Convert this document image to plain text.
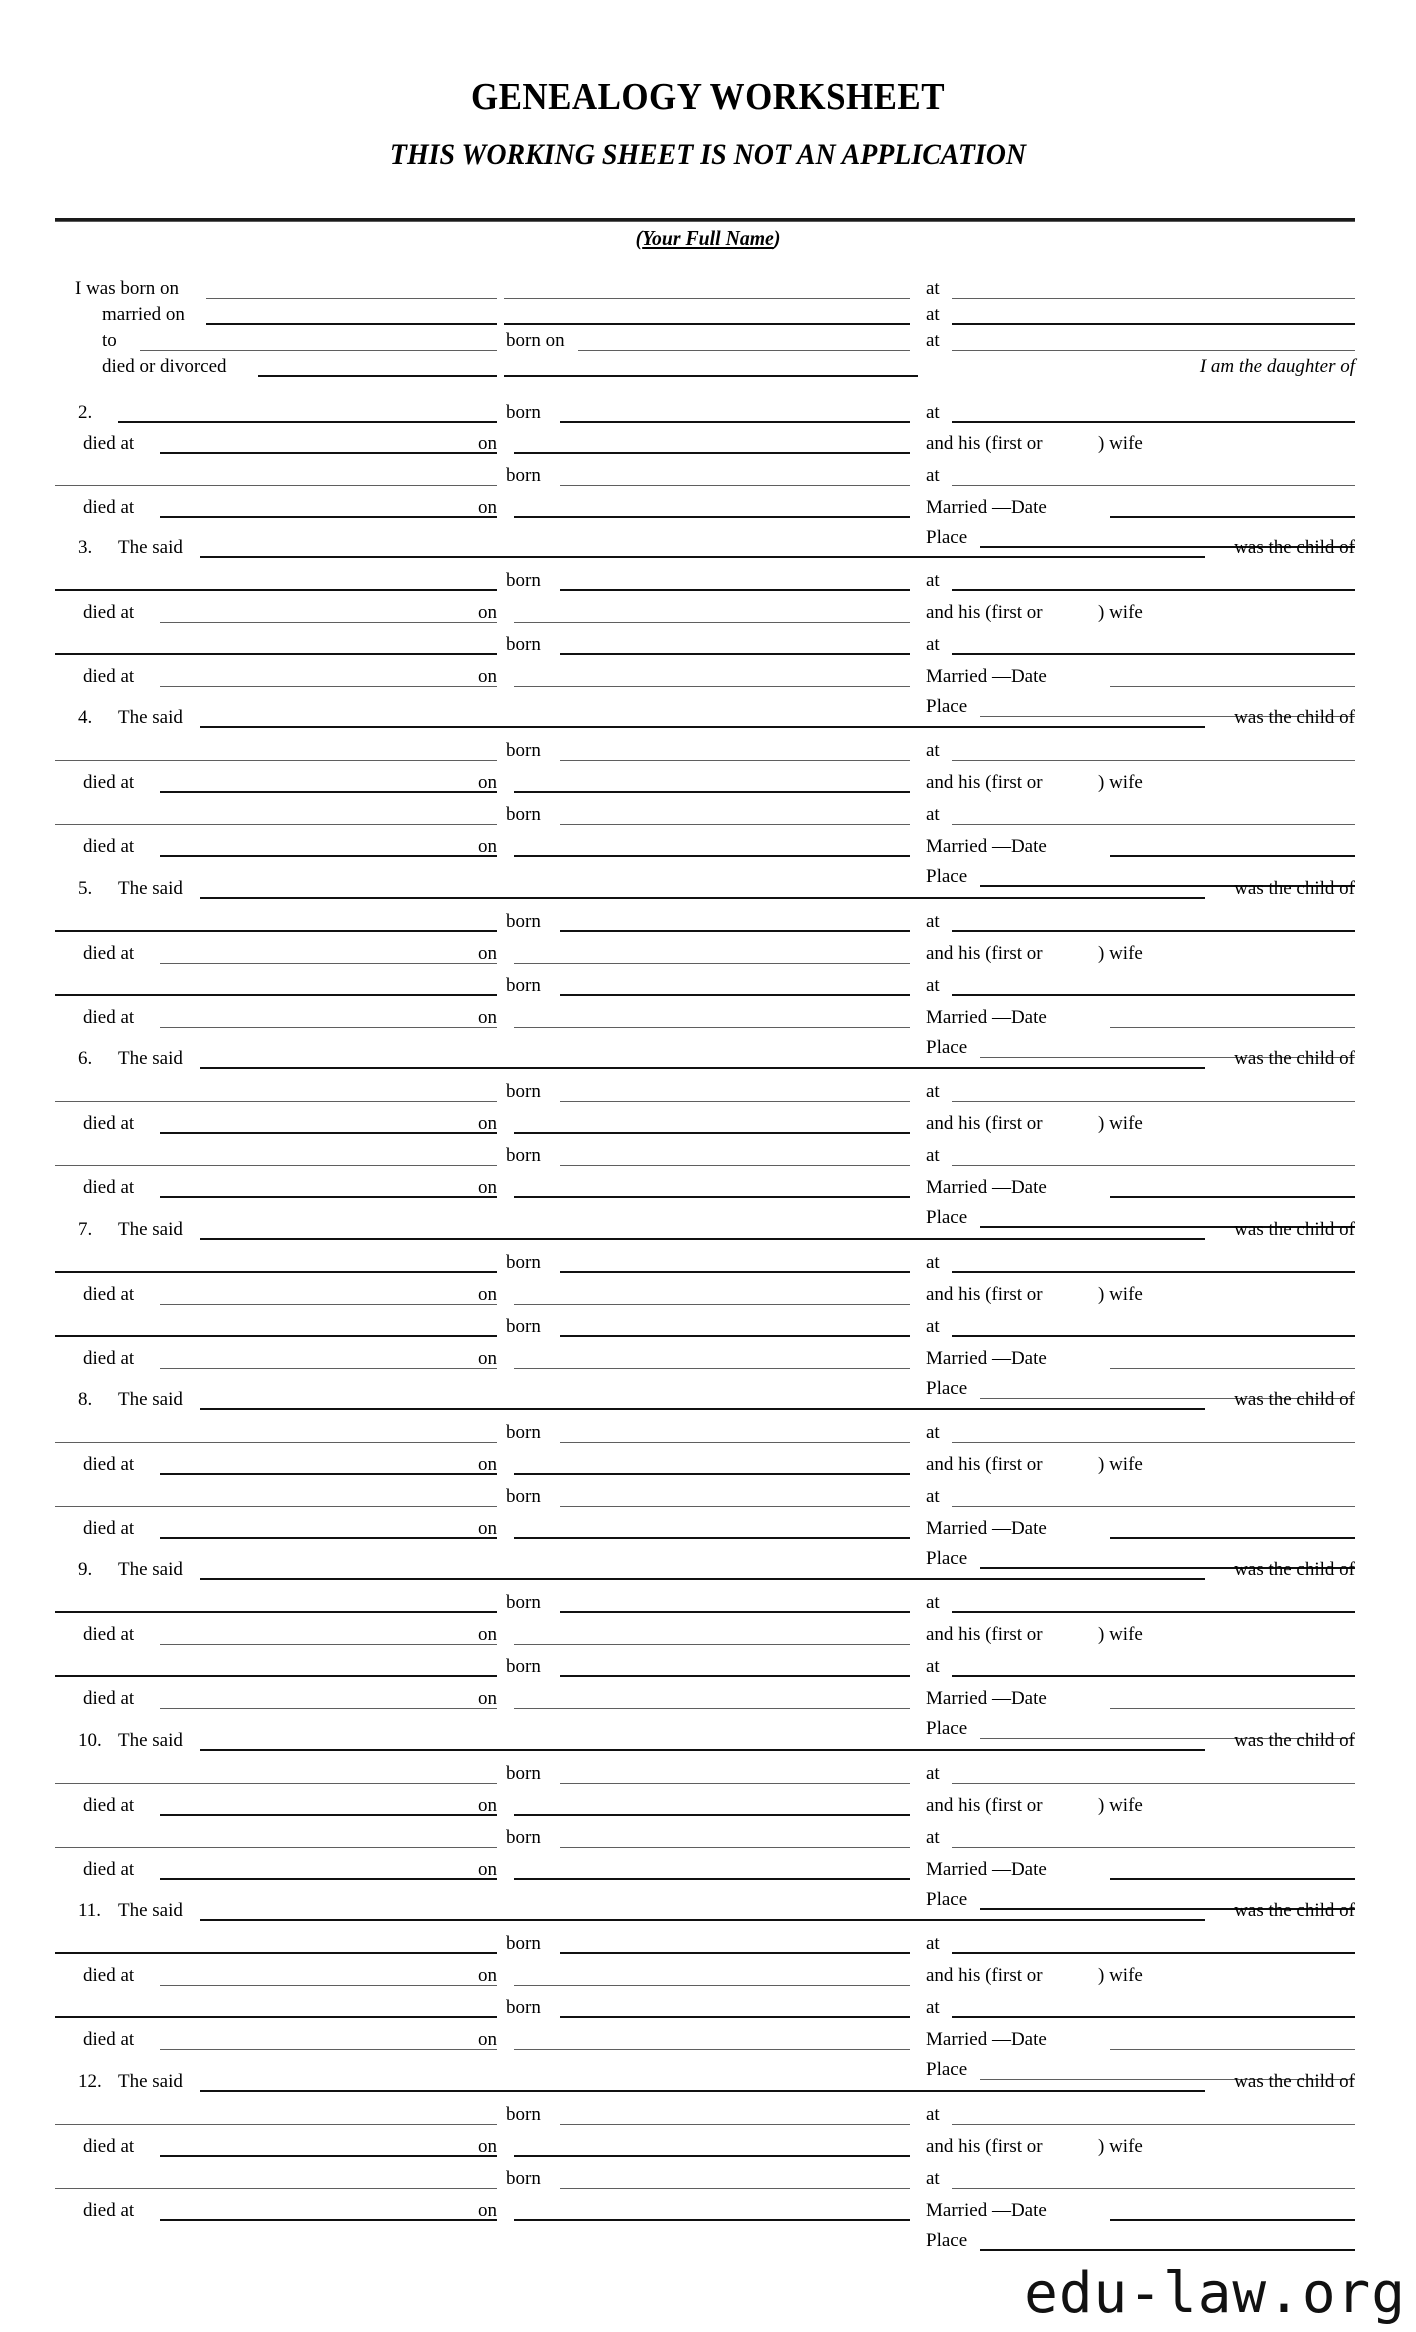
GENEALOGY WORKSHEET
THIS WORKING SHEET IS NOT AN APPLICATION
(Your Full Name)
I was born on	at
married on	at
to	born on	at
died or divorced	I am the daughter of
2.	born	at
died at	on	and his (first or	) wife
born	at
died at	on	Married —Date
Place
3. The said	was the child of
born	at
died at	on	and his (first or	) wife
born	at
died at	on	Married —Date
Place
4. The said	was the child of
born	at
died at	on	and his (first or	) wife
born	at
died at	on	Married —Date
Place
5. The said	was the child of
born	at
died at	on	and his (first or	) wife
born	at
died at	on	Married —Date
Place
6. The said	was the child of
born	at
died at	on	and his (first or	) wife
born	at
died at	on	Married —Date
Place
7. The said	was the child of
born	at
died at	on	and his (first or	) wife
born	at
died at	on	Married —Date
Place
8. The said	was the child of
born	at
died at	on	and his (first or	) wife
born	at
died at	on	Married —Date
Place
9. The said	was the child of
born	at
died at	on	and his (first or	) wife
born	at
died at	on	Married —Date
Place
10. The said	was the child of
born	at
died at	on	and his (first or	) wife
born	at
died at	on	Married —Date
Place
11. The said	was the child of
born	at
died at	on	and his (first or	) wife
born	at
died at	on	Married —Date
Place
12. The said	was the child of
born	at
died at	on	and his (first or	) wife
born	at
died at	on	Married —Date
Place
edu-law.org
